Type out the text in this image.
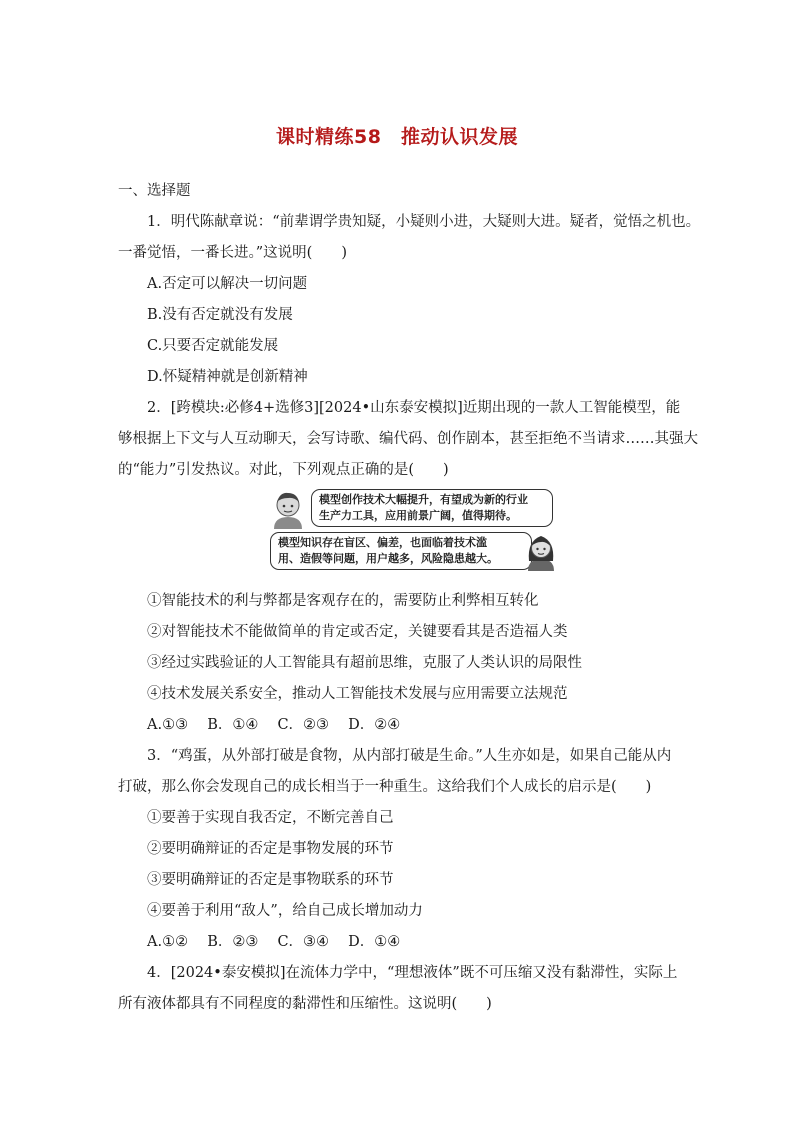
课时精练58　推动认识发展
一、选择题
1．明代陈献章说：“前辈谓学贵知疑，小疑则小进，大疑则大进。疑者，觉悟之机也。
一番觉悟，一番长进。”这说明(　　)
A.否定可以解决一切问题
B.没有否定就没有发展
C.只要否定就能发展
D.怀疑精神就是创新精神
2．[跨模块:必修4+选修3][2024•山东泰安模拟]近期出现的一款人工智能模型，能
够根据上下文与人互动聊天，会写诗歌、编代码、创作剧本，甚至拒绝不当请求……其强大
的“能力”引发热议。对此，下列观点正确的是(　　)
模型创作技术大幅提升，有望成为新的行业
生产力工具，应用前景广阔，值得期待。
模型知识存在盲区、偏差，也面临着技术滥
用、造假等问题，用户越多，风险隐患越大。
①智能技术的利与弊都是客观存在的，需要防止利弊相互转化
②对智能技术不能做简单的肯定或否定，关键要看其是否造福人类
③经过实践验证的人工智能具有超前思维，克服了人类认识的局限性
④技术发展关系安全，推动人工智能技术发展与应用需要立法规范
A.①③　 B．①④　 C．②③　 D．②④
3．“鸡蛋，从外部打破是食物，从内部打破是生命。”人生亦如是，如果自己能从内
打破，那么你会发现自己的成长相当于一种重生。这给我们个人成长的启示是(　　)
①要善于实现自我否定，不断完善自己
②要明确辩证的否定是事物发展的环节
③要明确辩证的否定是事物联系的环节
④要善于利用“敌人”，给自己成长增加动力
A.①②　 B．②③　 C．③④　 D．①④
4．[2024•泰安模拟]在流体力学中，“理想液体”既不可压缩又没有黏滞性，实际上
所有液体都具有不同程度的黏滞性和压缩性。这说明(　　)
